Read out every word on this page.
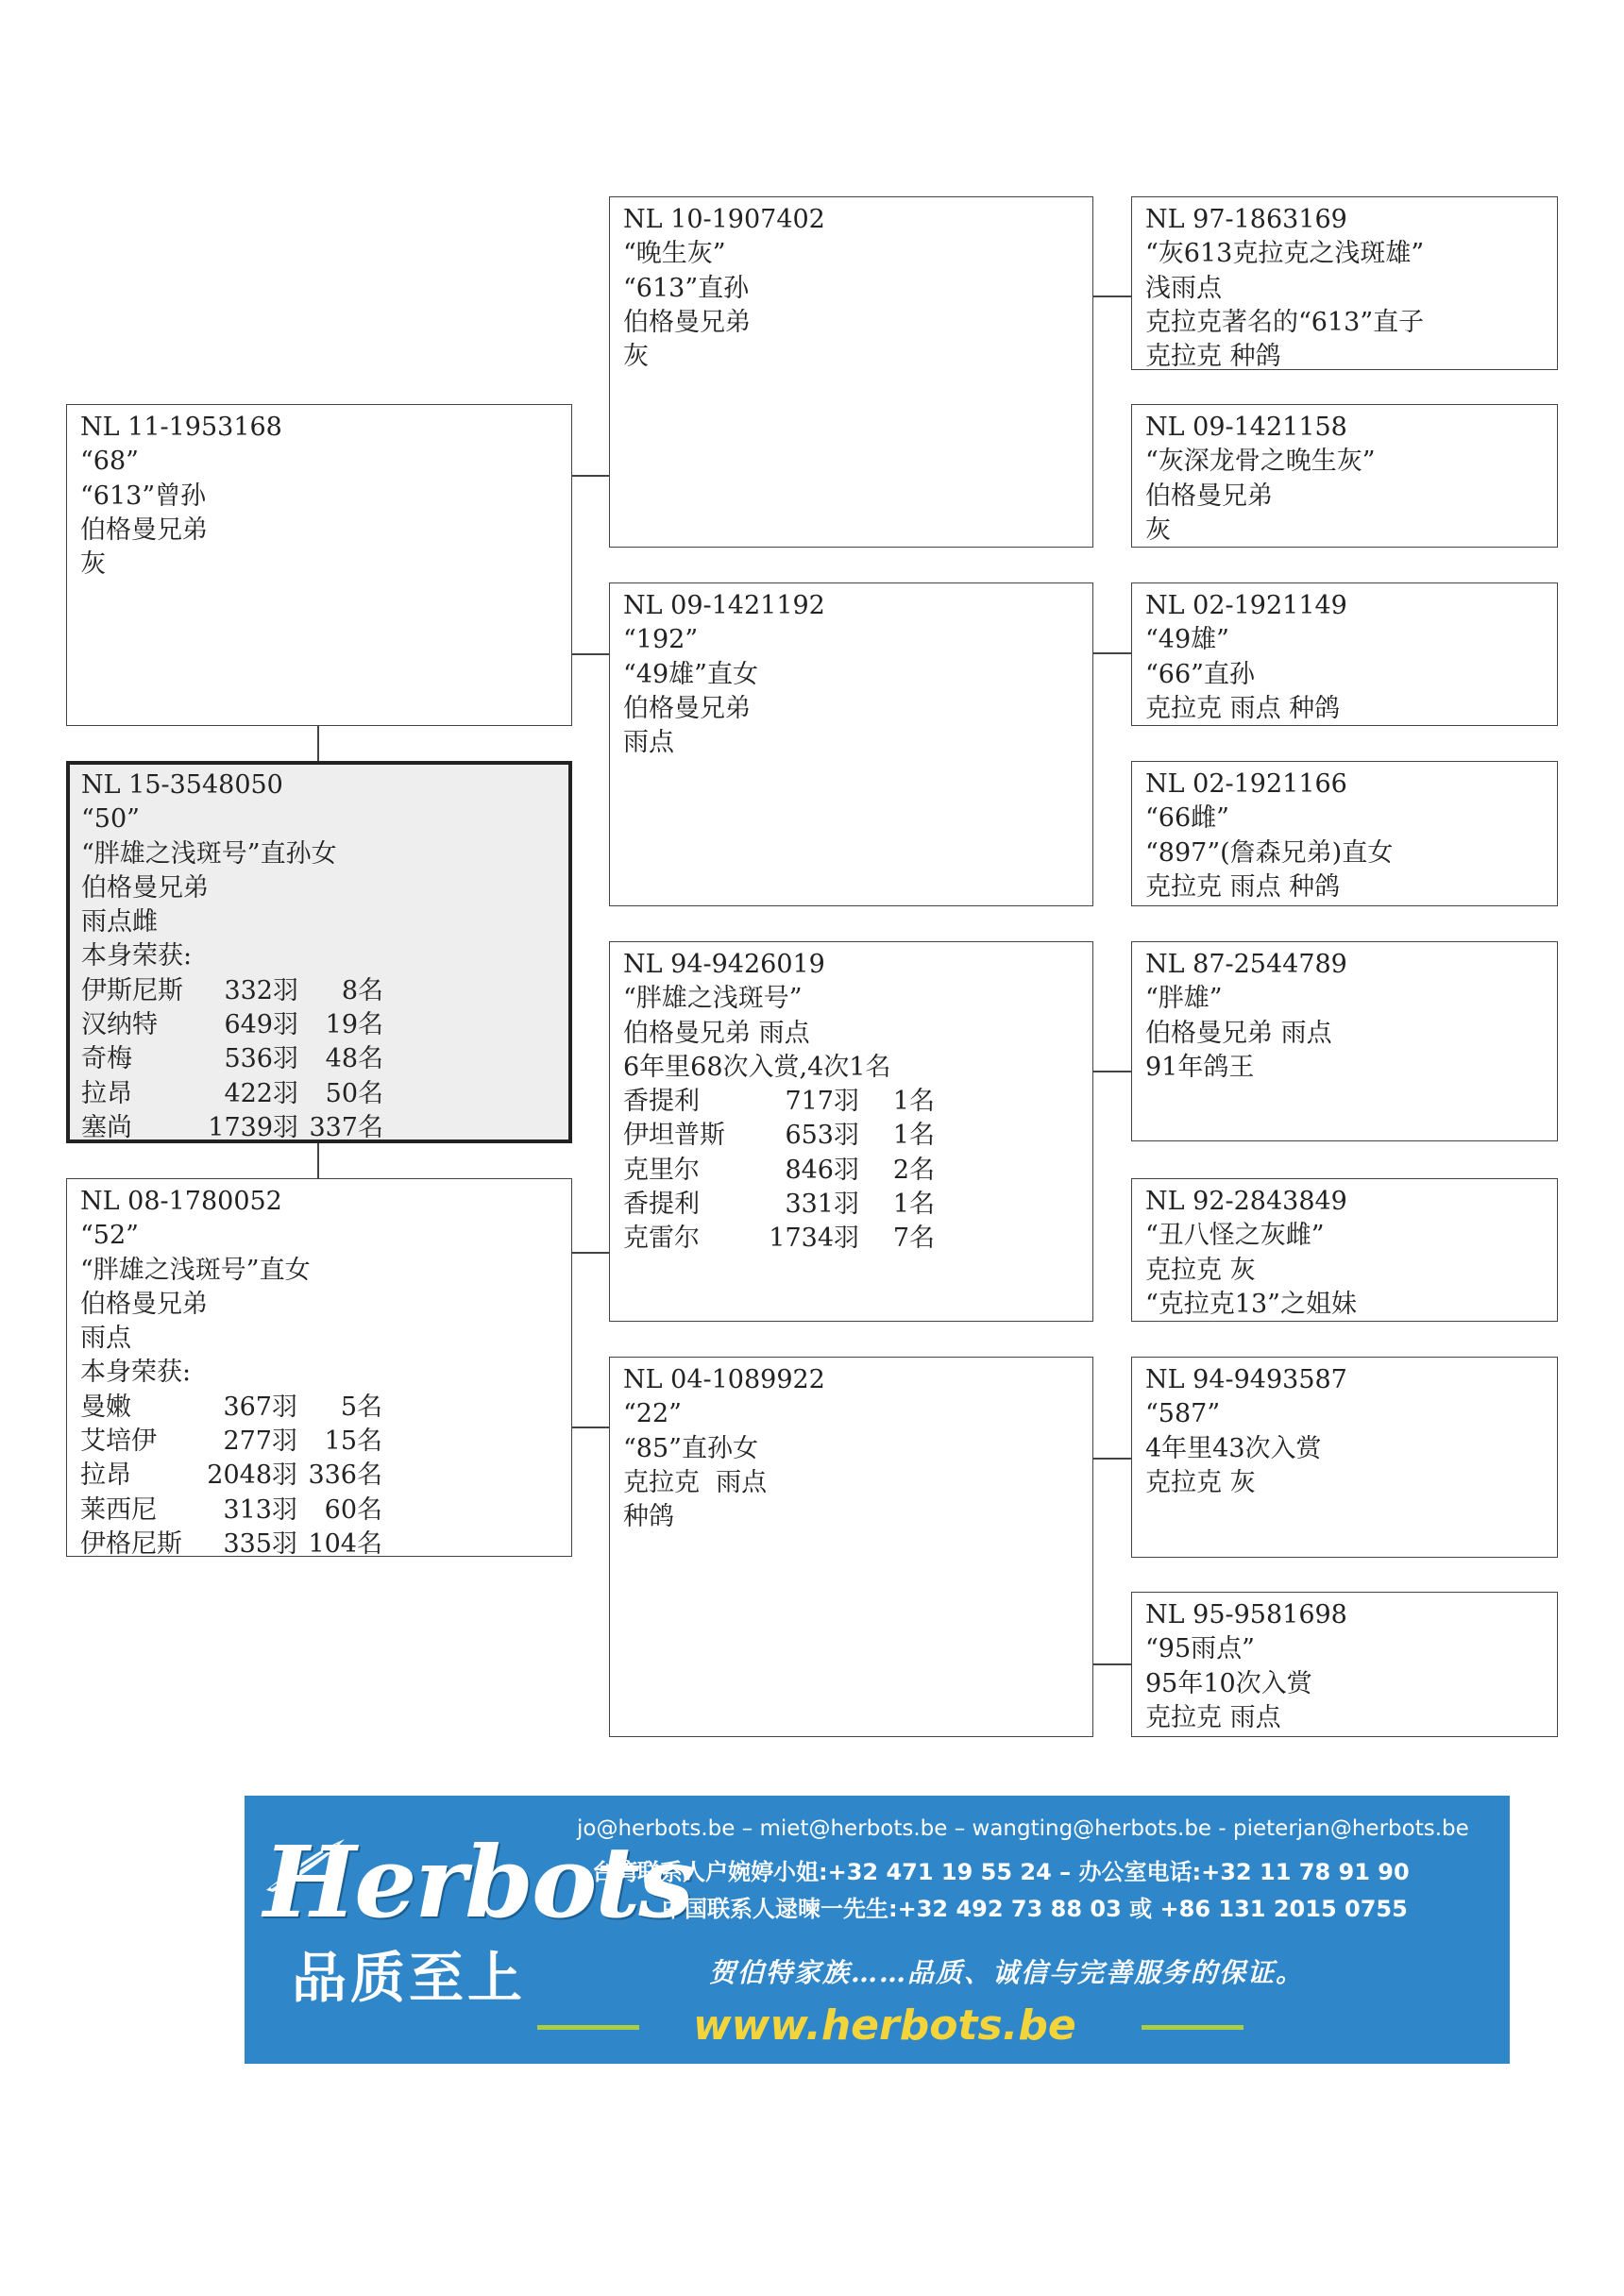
NL 11-1953168
“68”
“613”曾孙
伯格曼兄弟
灰
NL 15-3548050
“50”
“胖雄之浅斑号”直孙女
伯格曼兄弟
雨点雌
本身荣获:
伊斯尼斯	332羽	8名
汉纳特	649羽	19名
奇梅	536羽	48名
拉昂	422羽	50名
塞尚	1739羽 337名
NL 08-1780052
“52”
“胖雄之浅斑号”直女
伯格曼兄弟
雨点
本身荣获:
曼嫩	367羽	5名
艾培伊	277羽	15名
拉昂	2048羽 336名
莱西尼	313羽	60名
伊格尼斯	335羽 104名
NL 10-1907402
“晚生灰”
“613”直孙
伯格曼兄弟
灰
NL 09-1421192
“192”
“49雄”直女
伯格曼兄弟
雨点
NL 94-9426019
“胖雄之浅斑号”
伯格曼兄弟 雨点
6年里68次入赏,4次1名
香提利	717羽	1名
伊坦普斯	653羽	1名
克里尔	846羽	2名
香提利	331羽	1名
克雷尔	1734羽	7名
NL 04-1089922
“22”
“85”直孙女
克拉克  雨点
种鸽
NL 97-1863169
“灰613克拉克之浅斑雄”
浅雨点
克拉克著名的“613”直子
克拉克 种鸽
NL 09-1421158
“灰深龙骨之晚生灰”
伯格曼兄弟
灰
NL 02-1921149
“49雄”
“66”直孙
克拉克 雨点 种鸽
NL 02-1921166
“66雌”
“897”(詹森兄弟)直女
克拉克 雨点 种鸽
NL 87-2544789
“胖雄”
伯格曼兄弟 雨点
91年鸽王
NL 92-2843849
“丑八怪之灰雌”
克拉克 灰
“克拉克13”之姐妹
NL 94-9493587
“587”
4年里43次入赏
克拉克 灰
NL 95-9581698
“95雨点”
95年10次入赏
克拉克 雨点
Herbots
品质至上
jo@herbots.be – miet@herbots.be – wangting@herbots.be - pieterjan@herbots.be
台湾联系人户婉婷小姐:+32 471 19 55 24 – 办公室电话:+32 11 78 91 90
中国联系人逯暕一先生:+32 492 73 88 03 或 +86 131 2015 0755
贺伯特家族……品质、诚信与完善服务的保证。
www.herbots.be
